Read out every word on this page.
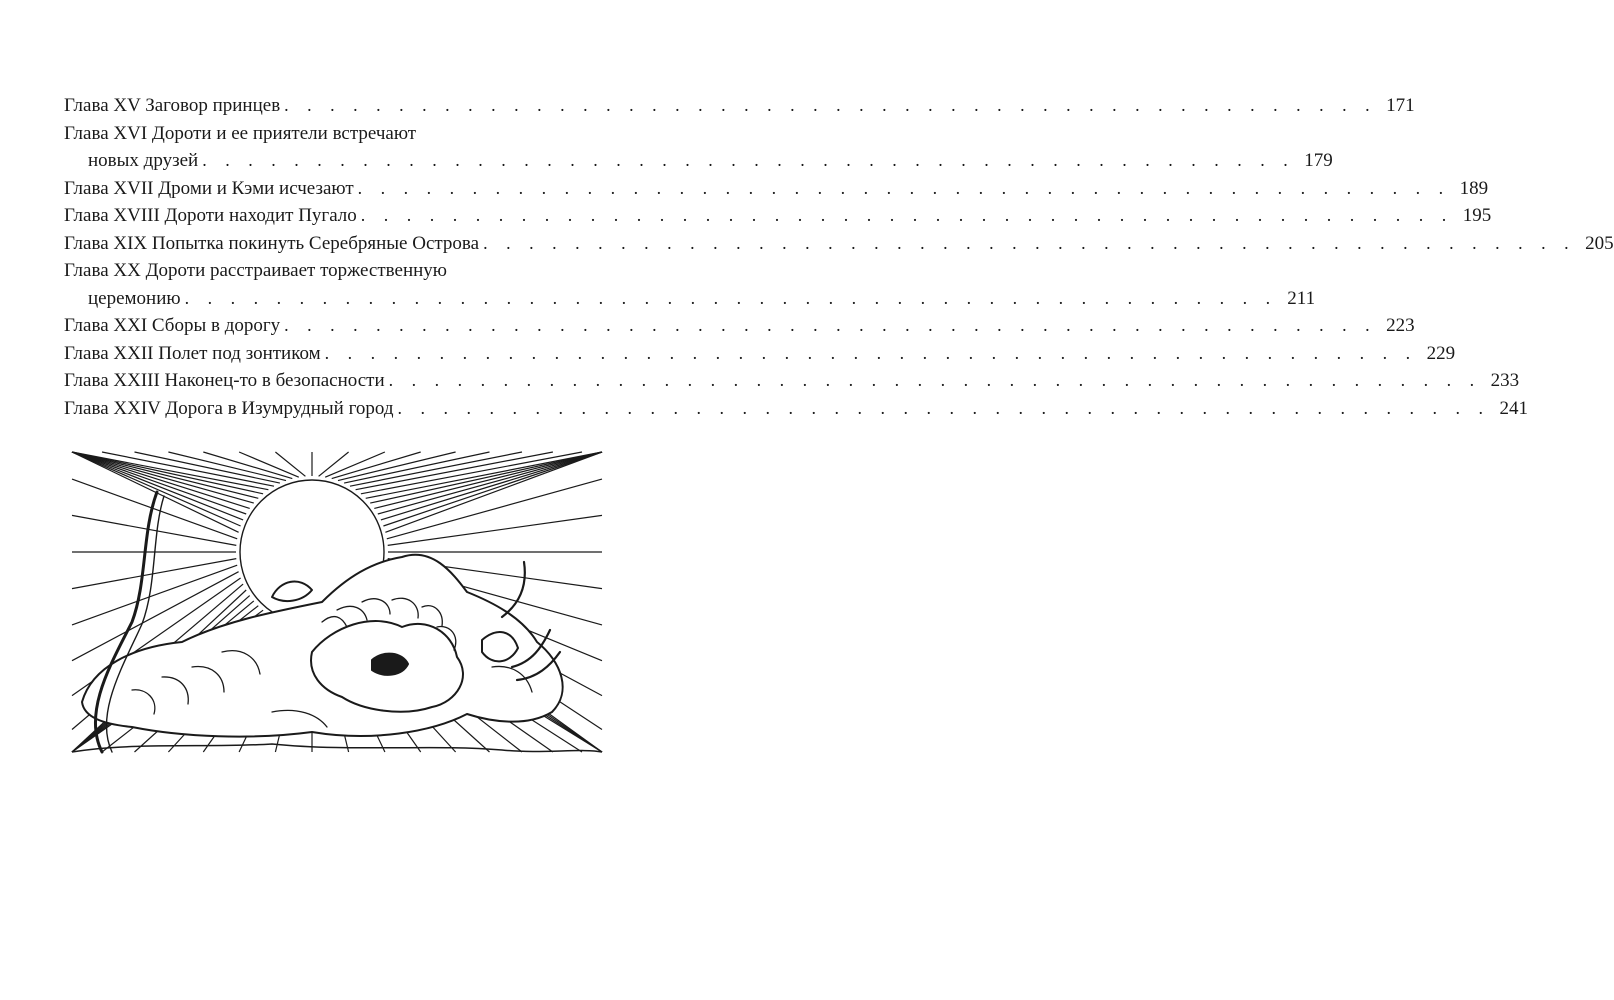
Глава XV Заговор принцев . . . . . . . . . . . . . . . . . . . . . . . . . . . . . . . . . . . . . . . . . . . . . . . . 171
Глава XVI Дороти и ее приятели встречают
новых друзей . . . . . . . . . . . . . . . . . . . . . . . . . . . . . . . . . . . . . . . . . . . . . . . . 179
Глава XVII Дроми и Кэми исчезают . . . . . . . . . . . . . . . . . . . . . . . . . . . . . . . . . . . . . . . . . . . . . . . . 189
Глава XVIII Дороти находит Пугало . . . . . . . . . . . . . . . . . . . . . . . . . . . . . . . . . . . . . . . . . . . . . . . . 195
Глава XIX Попытка покинуть Серебряные Острова . . . . . . . . . . . . . . . . . . . . . . . . . . . . . . . . . . . . . . . . . . . . . . . . 205
Глава XX Дороти расстраивает торжественную
церемонию . . . . . . . . . . . . . . . . . . . . . . . . . . . . . . . . . . . . . . . . . . . . . . . . 211
Глава XXI Сборы в дорогу . . . . . . . . . . . . . . . . . . . . . . . . . . . . . . . . . . . . . . . . . . . . . . . . 223
Глава XXII Полет под зонтиком . . . . . . . . . . . . . . . . . . . . . . . . . . . . . . . . . . . . . . . . . . . . . . . . 229
Глава XXIII Наконец-то в безопасности . . . . . . . . . . . . . . . . . . . . . . . . . . . . . . . . . . . . . . . . . . . . . . . . 233
Глава XXIV Дорога в Изумрудный город . . . . . . . . . . . . . . . . . . . . . . . . . . . . . . . . . . . . . . . . . . . . . . . . 241
